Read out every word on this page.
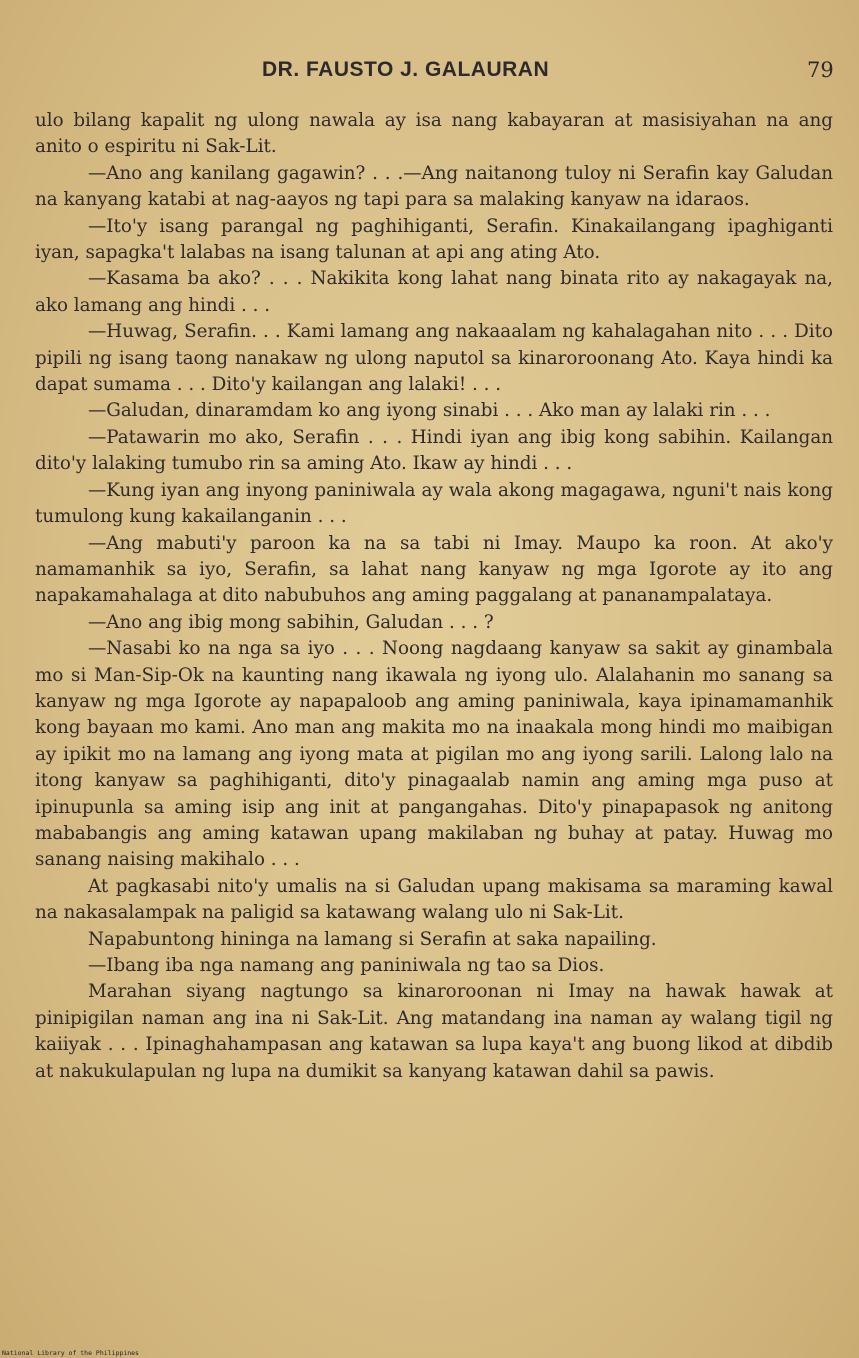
DR. FAUSTO J. GALAURAN	79

ulo bilang kapalit ng ulong nawala ay isa nang kabayaran at masisiyahan na ang anito o espiritu ni Sak-Lit.

—Ano ang kanilang gagawin? . . .—Ang naitanong tuloy ni Serafin kay Galudan na kanyang katabi at nag-aayos ng tapi para sa malaking kanyaw na idaraos.

—Ito'y isang parangal ng paghihiganti, Serafin. Kinakailangang ipaghiganti iyan, sapagka't lalabas na isang talunan at api ang ating Ato.

—Kasama ba ako? . . . Nakikita kong lahat nang binata rito ay nakagayak na, ako lamang ang hindi . . .

—Huwag, Serafin. . . Kami lamang ang nakaaalam ng kahalagahan nito . . . Dito pipili ng isang taong nanakaw ng ulong naputol sa kinaroroonang Ato. Kaya hindi ka dapat sumama . . . Dito'y kailangan ang lalaki! . . .

—Galudan, dinaramdam ko ang iyong sinabi . . . Ako man ay lalaki rin . . .

—Patawarin mo ako, Serafin . . . Hindi iyan ang ibig kong sabihin. Kailangan dito'y lalaking tumubo rin sa aming Ato. Ikaw ay hindi . . .

—Kung iyan ang inyong paniniwala ay wala akong magagawa, nguni't nais kong tumulong kung kakailanganin . . .

—Ang mabuti'y paroon ka na sa tabi ni Imay. Maupo ka roon. At ako'y namamanhik sa iyo, Serafin, sa lahat nang kanyaw ng mga Igorote ay ito ang napakamahalaga at dito nabubuhos ang aming paggalang at pananampalataya.

—Ano ang ibig mong sabihin, Galudan . . . ?

—Nasabi ko na nga sa iyo . . . Noong nagdaang kanyaw sa sakit ay ginambala mo si Man-Sip-Ok na kaunting nang ikawala ng iyong ulo. Alalahanin mo sanang sa kanyaw ng mga Igorote ay napapaloob ang aming paniniwala, kaya ipinamamanhik kong bayaan mo kami. Ano man ang makita mo na inaakala mong hindi mo maibigan ay ipikit mo na lamang ang iyong mata at pigilan mo ang iyong sarili. Lalong lalo na itong kanyaw sa paghihiganti, dito'y pinagaalab namin ang aming mga puso at ipinupunla sa aming isip ang init at pangangahas. Dito'y pinapapasok ng anitong mababangis ang aming katawan upang makilaban ng buhay at patay. Huwag mo sanang naising makihalo . . .

At pagkasabi nito'y umalis na si Galudan upang makisama sa maraming kawal na nakasalampak na paligid sa katawang walang ulo ni Sak-Lit.

Napabuntong hininga na lamang si Serafin at saka napailing.

—Ibang iba nga namang ang paniniwala ng tao sa Dios.

Marahan siyang nagtungo sa kinaroroonan ni Imay na hawak hawak at pinipigilan naman ang ina ni Sak-Lit. Ang matandang ina naman ay walang tigil ng kaiiyak . . . Ipinaghahampasan ang katawan sa lupa kaya't ang buong likod at dibdib at nakukulapulan ng lupa na dumikit sa kanyang katawan dahil sa pawis.

National Library of the Philippines
